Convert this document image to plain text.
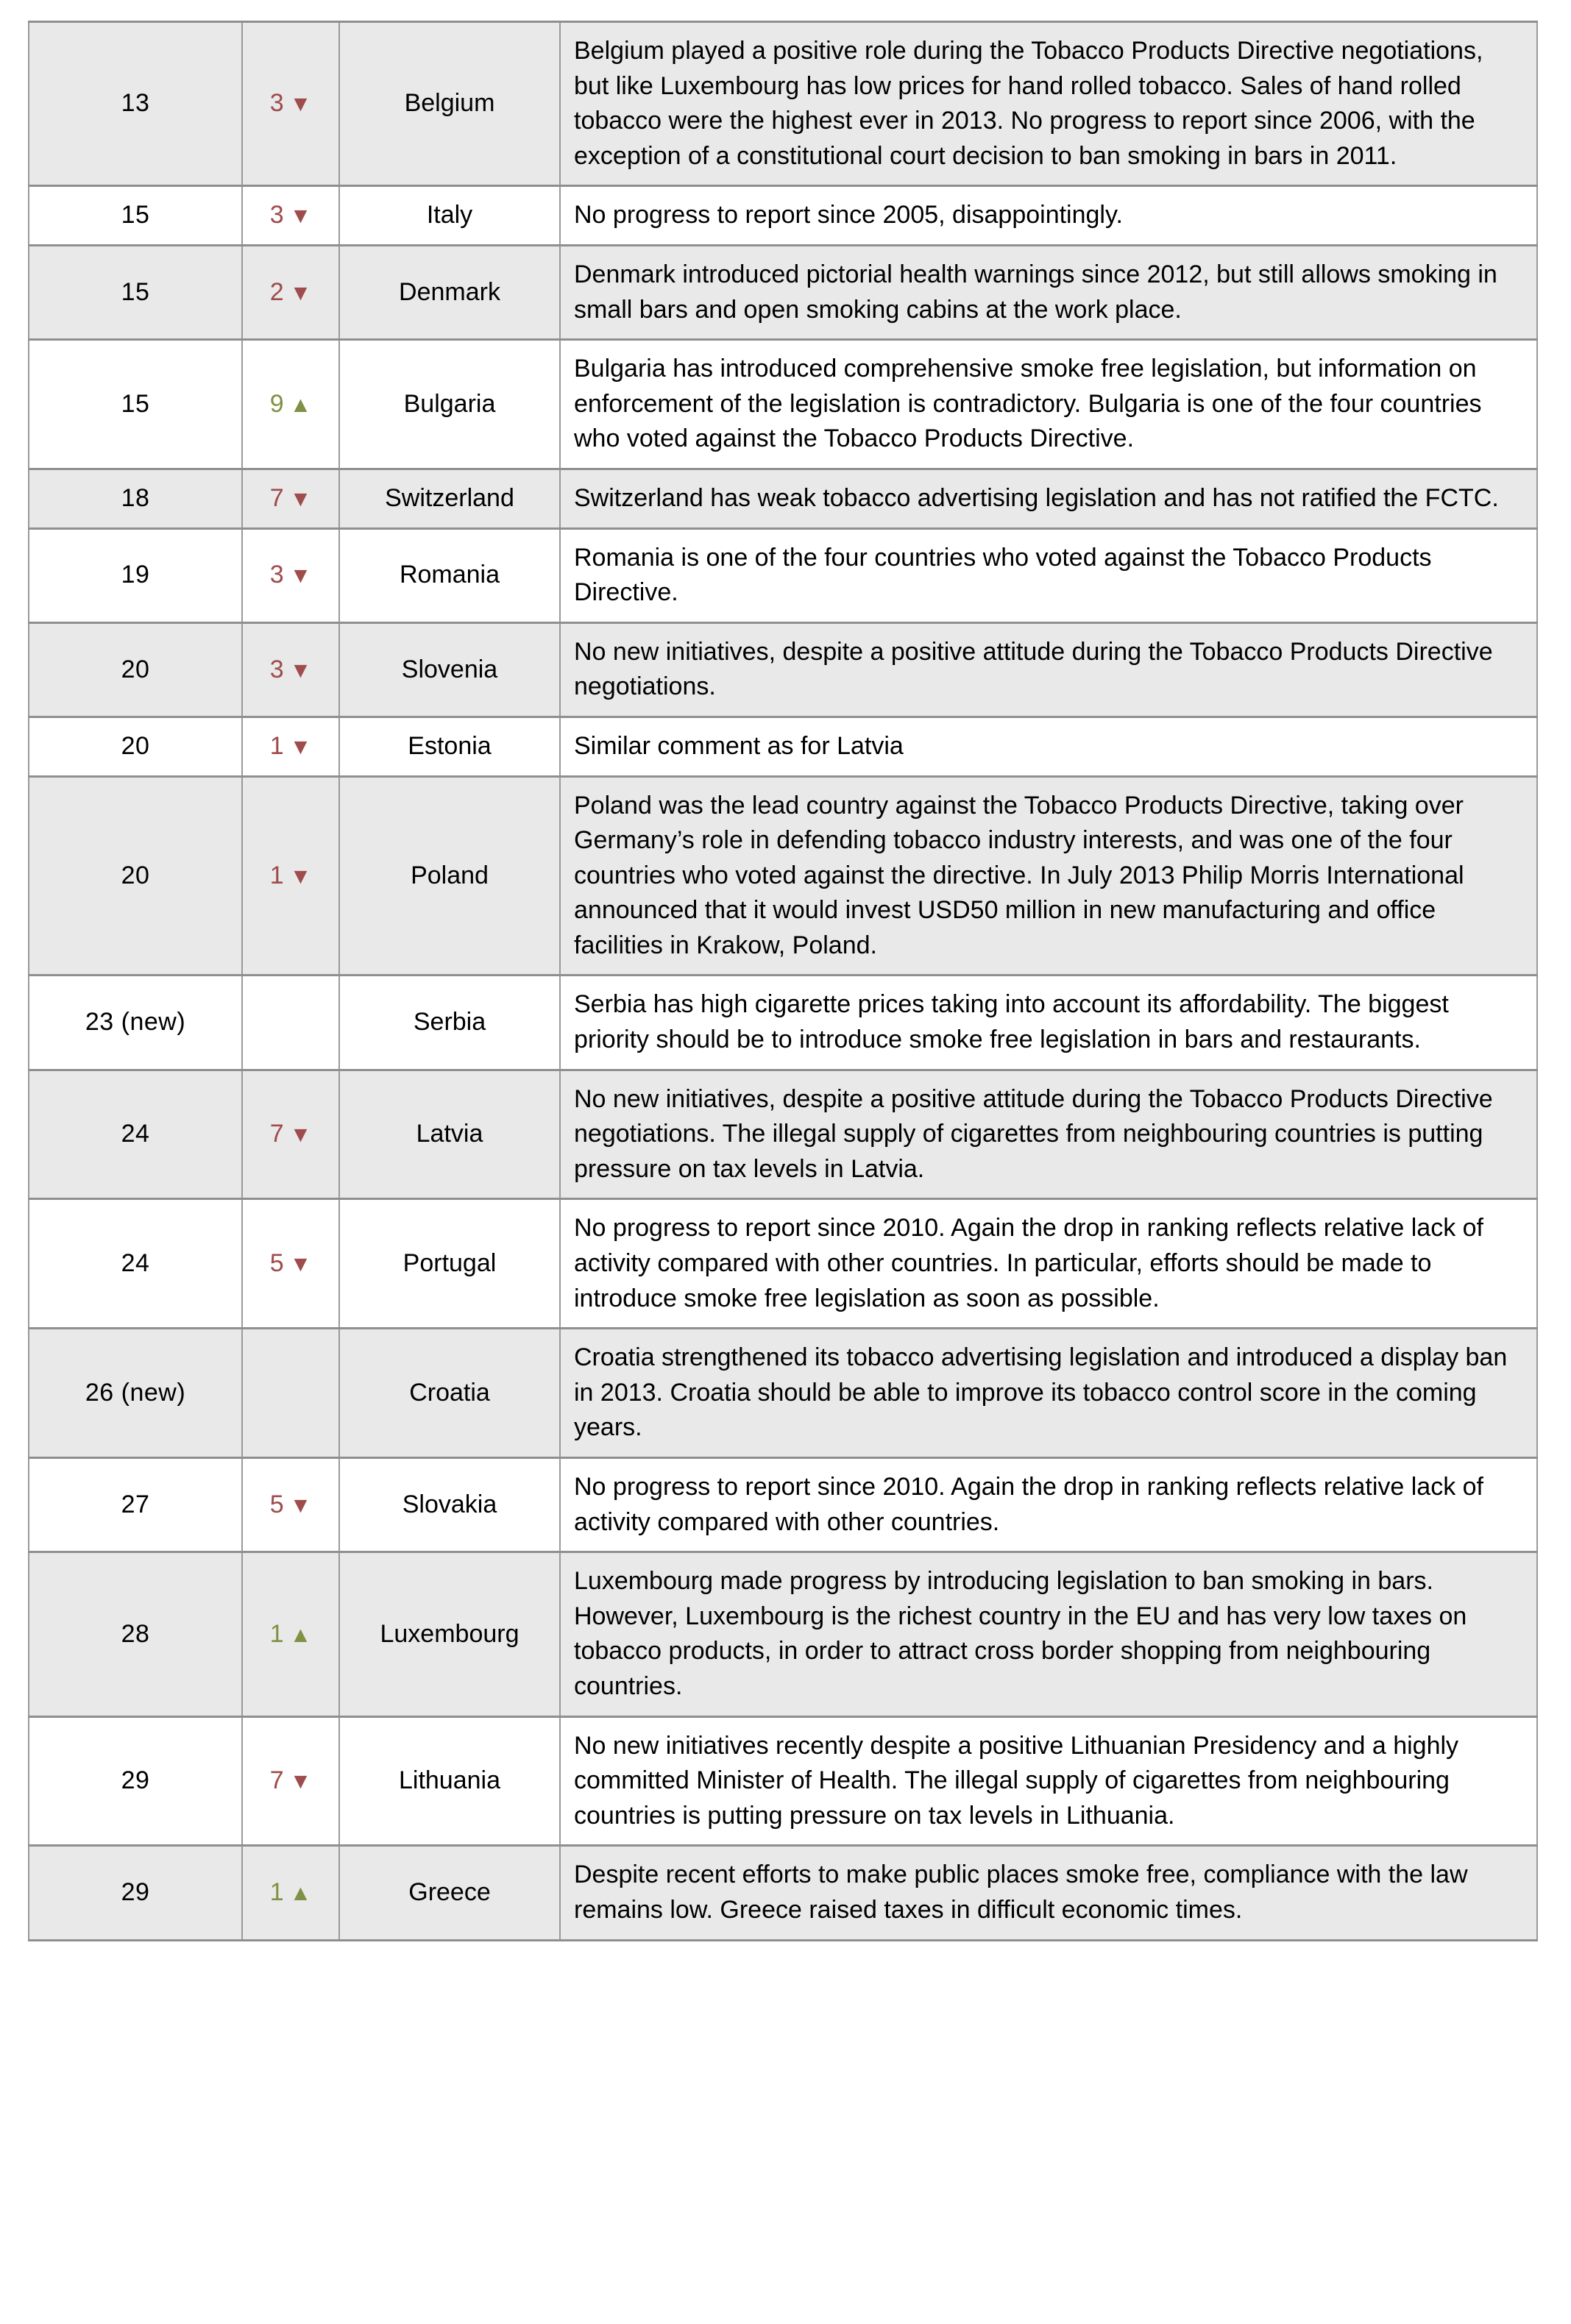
13	3 ▼	Belgium	Belgium played a positive role during the Tobacco Products Directive negotiations, but like Luxembourg has low prices for hand rolled tobacco. Sales of hand rolled tobacco were the highest ever in 2013. No progress to report since 2006, with the exception of a constitutional court decision to ban smoking in bars in 2011.
15	3 ▼	Italy	No progress to report since 2005, disappointingly.
15	2 ▼	Denmark	Denmark introduced pictorial health warnings since 2012, but still allows smoking in small bars and open smoking cabins at the work place.
15	9 ▲	Bulgaria	Bulgaria has introduced comprehensive smoke free legislation, but information on enforcement of the legislation is contradictory. Bulgaria is one of the four countries who voted against the Tobacco Products Directive.
18	7 ▼	Switzerland	Switzerland has weak tobacco advertising legislation and has not ratified the FCTC.
19	3 ▼	Romania	Romania is one of the four countries who voted against the Tobacco Products Directive.
20	3 ▼	Slovenia	No new initiatives, despite a positive attitude during the Tobacco Products Directive negotiations.
20	1 ▼	Estonia	Similar comment as for Latvia
20	1 ▼	Poland	Poland was the lead country against the Tobacco Products Directive, taking over Germany’s role in defending tobacco industry interests, and was one of the four countries who voted against the directive. In July 2013 Philip Morris International announced that it would invest USD50 million in new manufacturing and office facilities in Krakow, Poland.
23 (new)		Serbia	Serbia has high cigarette prices taking into account its affordability. The biggest priority should be to introduce smoke free legislation in bars and restaurants.
24	7 ▼	Latvia	No new initiatives, despite a positive attitude during the Tobacco Products Directive negotiations. The illegal supply of cigarettes from neighbouring countries is putting pressure on tax levels in Latvia.
24	5 ▼	Portugal	No progress to report since 2010. Again the drop in ranking reflects relative lack of activity compared with other countries. In particular, efforts should be made to introduce smoke free legislation as soon as possible.
26 (new)		Croatia	Croatia strengthened its tobacco advertising legislation and introduced a display ban in 2013. Croatia should be able to improve its tobacco control score in the coming years.
27	5 ▼	Slovakia	No progress to report since 2010. Again the drop in ranking reflects relative lack of activity compared with other countries.
28	1 ▲	Luxembourg	Luxembourg made progress by introducing legislation to ban smoking in bars. However, Luxembourg is the richest country in the EU and has very low taxes on tobacco products, in order to attract cross border shopping from neighbouring countries.
29	7 ▼	Lithuania	No new initiatives recently despite a positive Lithuanian Presidency and a highly committed Minister of Health. The illegal supply of cigarettes from neighbouring countries is putting pressure on tax levels in Lithuania.
29	1 ▲	Greece	Despite recent efforts to make public places smoke free, compliance with the law remains low. Greece raised taxes in difficult economic times.
